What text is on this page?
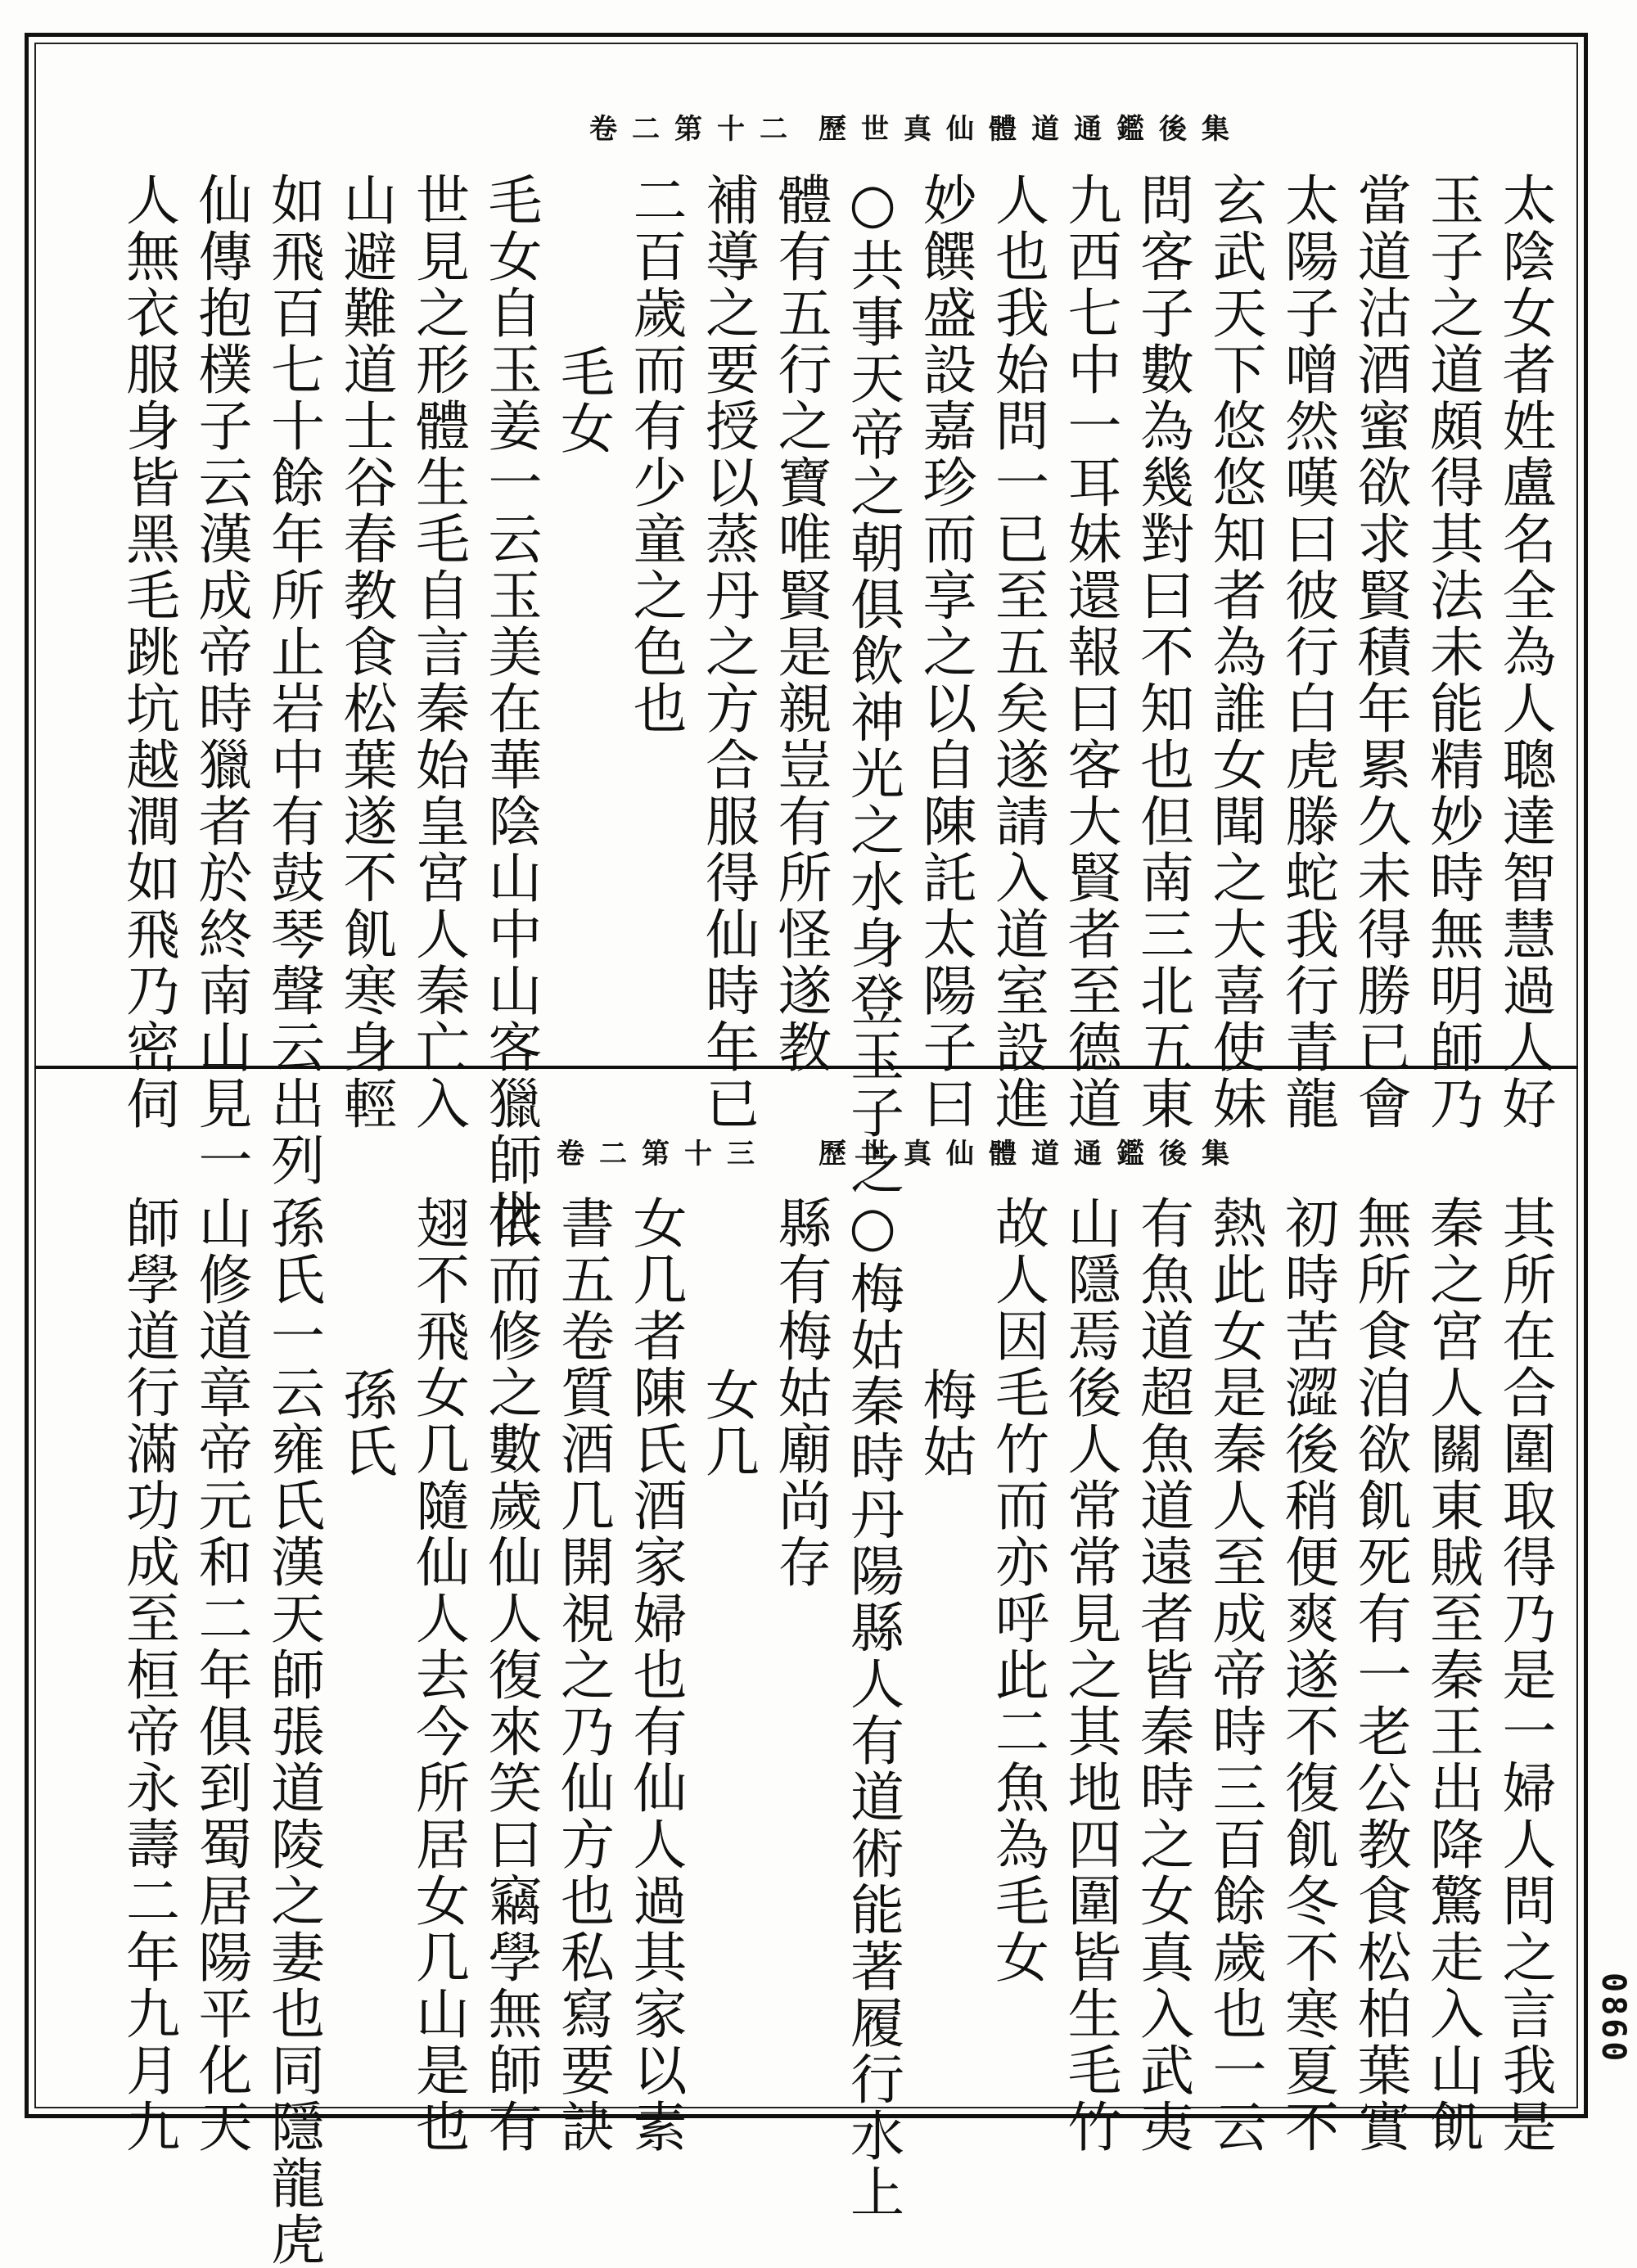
歷世真仙體道通鑑後集
卷二第十二
太陰女者姓盧名全為人聰達智慧過人好
玉子之道頗得其法未能精妙時無明師乃
當道沽酒蜜欲求賢積年累久未得勝已會
太陽子噌然嘆曰彼行白虎滕蛇我行青龍
玄武天下悠悠知者為誰女聞之大喜使妹
問客子數為幾對曰不知也但南三北五東
九西七中一耳妹還報曰客大賢者至德道
人也我始問一已至五矣遂請入道室設進
妙饌盛設嘉珍而享之以自陳託太陽子曰
○共事天帝之朝俱飲神光之水身登玉子之
體有五行之寶唯賢是親豈有所怪遂教
補導之要授以蒸丹之方合服得仙時年已
二百歲而有少童之色也
毛女
毛女自玉姜一云玉美在華陰山中山客獵師世
世見之形體生毛自言秦始皇宮人秦亡入
山避難道士谷春教食松葉遂不飢寒身輕
如飛百七十餘年所止岩中有鼓琴聲云出列
仙傳抱樸子云漢成帝時獵者於終南山見一
人無衣服身皆黑毛跳坑越澗如飛乃密伺
歷世真仙體道通鑑後集
卷二第十三
其所在合圍取得乃是一婦人問之言我是
秦之宮人關東賊至秦王出降驚走入山飢
無所食洎欲飢死有一老公教食松柏葉實
初時苦澀後稍便爽遂不復飢冬不寒夏不
熱此女是秦人至成帝時三百餘歲也一云
有魚道超魚道遠者皆秦時之女真入武夷
山隱焉後人常常見之其地四圍皆生毛竹
故人因毛竹而亦呼此二魚為毛女
梅姑
○梅姑秦時丹陽縣人有道術能著履行水上
縣有梅姑廟尚存
女几
女几者陳氏酒家婦也有仙人過其家以素
書五卷質酒几開視之乃仙方也私寫要訣
依而修之數歲仙人復來笑曰竊學無師有
翅不飛女几隨仙人去今所居女几山是也
孫氏
孫氏一云雍氏漢天師張道陵之妻也同隱龍虎
山修道章帝元和二年俱到蜀居陽平化天
師學道行滿功成至桓帝永壽二年九月九	0860
